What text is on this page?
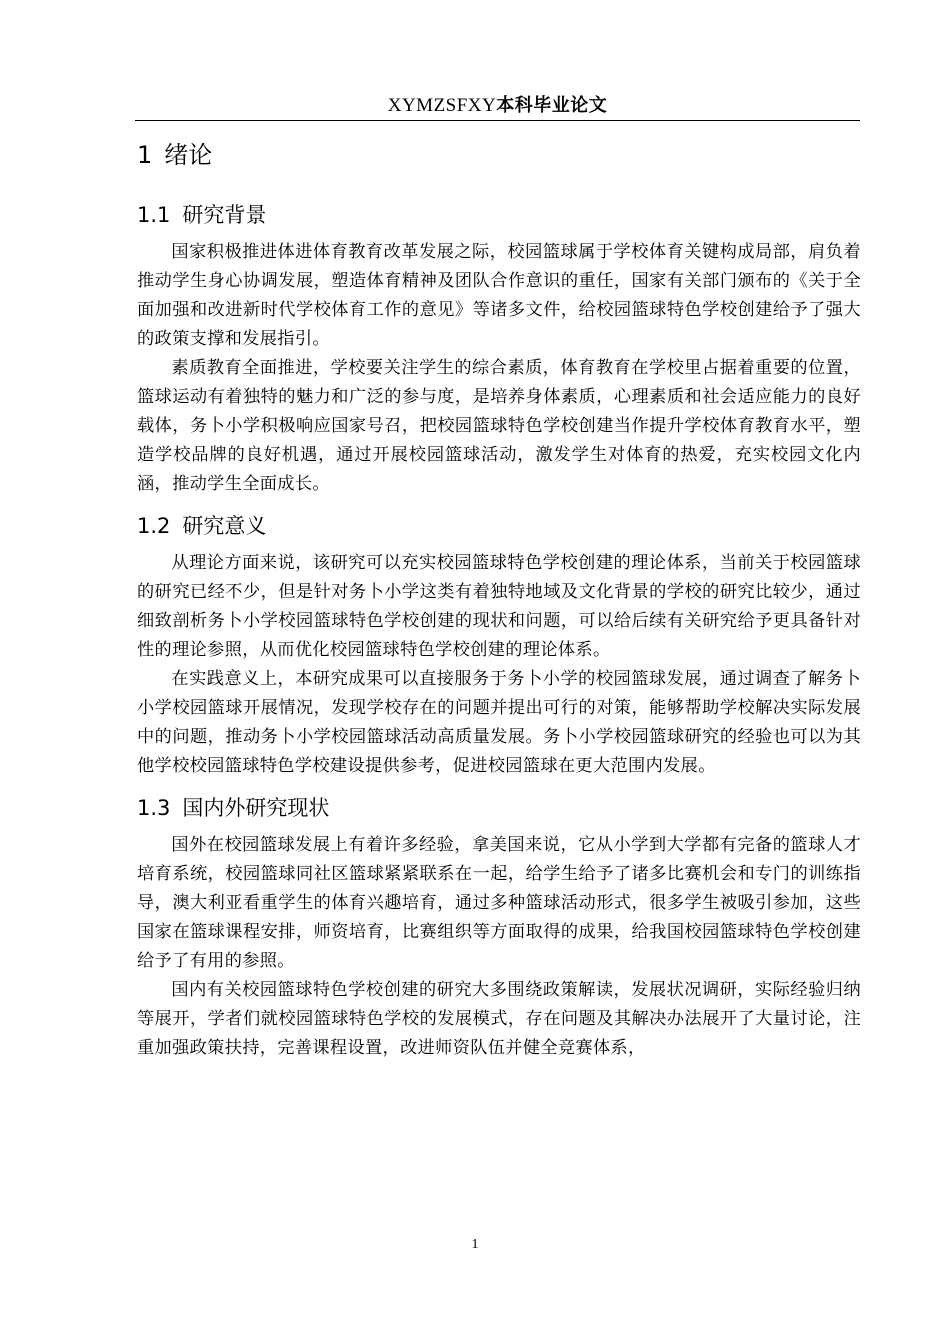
XYMZSFXY本科毕业论文
1 绪论
1.1 研究背景

国家积极推进体进体育教育改革发展之际，校园篮球属于学校体育关键构成局部，肩负着推动学生身心协调发展，塑造体育精神及团队合作意识的重任，国家有关部门颁布的《关于全面加强和改进新时代学校体育工作的意见》等诸多文件，给校园篮球特色学校创建给予了强大的政策支撑和发展指引。

素质教育全面推进，学校要关注学生的综合素质，体育教育在学校里占据着重要的位置，篮球运动有着独特的魅力和广泛的参与度，是培养身体素质，心理素质和社会适应能力的良好载体，务卜小学积极响应国家号召，把校园篮球特色学校创建当作提升学校体育教育水平，塑造学校品牌的良好机遇，通过开展校园篮球活动，激发学生对体育的热爱，充实校园文化内涵，推动学生全面成长。

1.2 研究意义

从理论方面来说，该研究可以充实校园篮球特色学校创建的理论体系，当前关于校园篮球的研究已经不少，但是针对务卜小学这类有着独特地域及文化背景的学校的研究比较少，通过细致剖析务卜小学校园篮球特色学校创建的现状和问题，可以给后续有关研究给予更具备针对性的理论参照，从而优化校园篮球特色学校创建的理论体系。

在实践意义上，本研究成果可以直接服务于务卜小学的校园篮球发展，通过调查了解务卜小学校园篮球开展情况，发现学校存在的问题并提出可行的对策，能够帮助学校解决实际发展中的问题，推动务卜小学校园篮球活动高质量发展。务卜小学校园篮球研究的经验也可以为其他学校校园篮球特色学校建设提供参考，促进校园篮球在更大范围内发展。

1.3 国内外研究现状

国外在校园篮球发展上有着许多经验，拿美国来说，它从小学到大学都有完备的篮球人才培育系统，校园篮球同社区篮球紧紧联系在一起，给学生给予了诸多比赛机会和专门的训练指导，澳大利亚看重学生的体育兴趣培育，通过多种篮球活动形式，很多学生被吸引参加，这些国家在篮球课程安排，师资培育，比赛组织等方面取得的成果，给我国校园篮球特色学校创建给予了有用的参照。

国内有关校园篮球特色学校创建的研究大多围绕政策解读，发展状况调研，实际经验归纳等展开，学者们就校园篮球特色学校的发展模式，存在问题及其解决办法展开了大量讨论，注重加强政策扶持，完善课程设置，改进师资队伍并健全竞赛体系，

1
